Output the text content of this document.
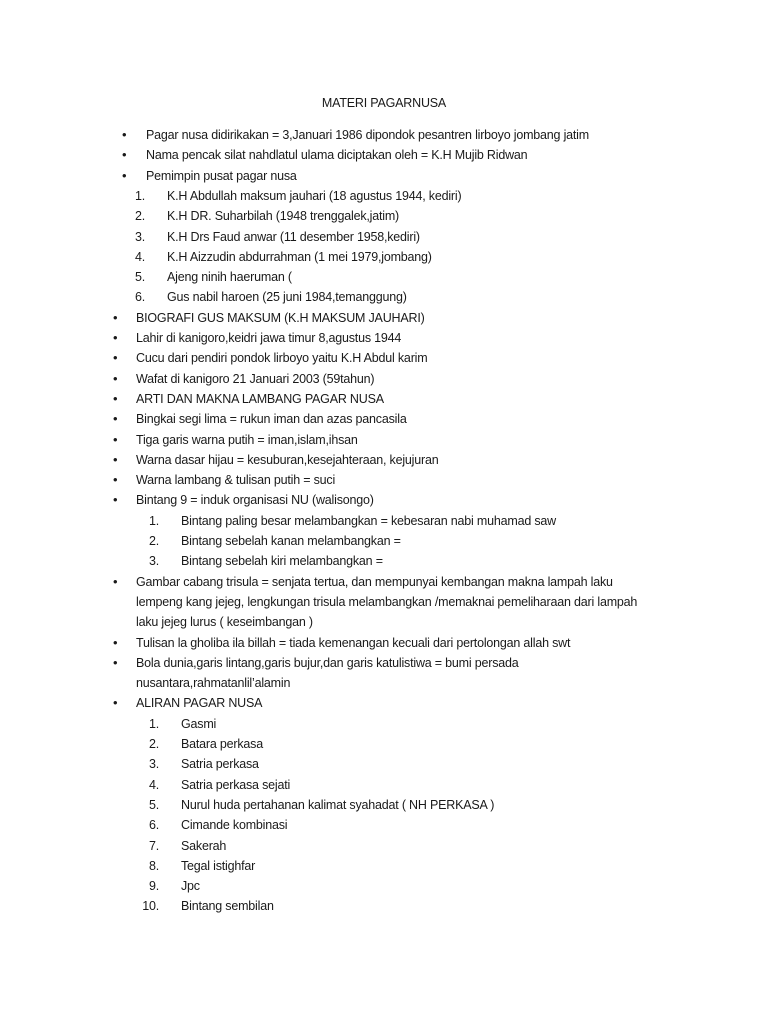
MATERI PAGARNUSA
• Pagar nusa didirikakan = 3,Januari 1986 dipondok pesantren lirboyo jombang jatim
• Nama pencak silat nahdlatul ulama diciptakan oleh = K.H Mujib Ridwan
• Pemimpin pusat pagar nusa
1. K.H Abdullah maksum jauhari (18 agustus 1944, kediri)
2. K.H DR. Suharbilah (1948 trenggalek,jatim)
3. K.H Drs Faud anwar (11 desember 1958,kediri)
4. K.H Aizzudin abdurrahman (1 mei 1979,jombang)
5. Ajeng ninih haeruman (
6. Gus nabil haroen (25 juni 1984,temanggung)
• BIOGRAFI GUS MAKSUM (K.H MAKSUM JAUHARI)
• Lahir di kanigoro,keidri jawa timur 8,agustus 1944
• Cucu dari pendiri pondok lirboyo yaitu K.H Abdul karim
• Wafat di kanigoro 21 Januari 2003 (59tahun)
• ARTI DAN MAKNA LAMBANG PAGAR NUSA
• Bingkai segi lima = rukun iman dan azas pancasila
• Tiga garis warna putih = iman,islam,ihsan
• Warna dasar hijau = kesuburan,kesejahteraan, kejujuran
• Warna lambang & tulisan putih = suci
• Bintang 9 = induk organisasi NU (walisongo)
1. Bintang paling besar melambangkan = kebesaran nabi muhamad saw
2. Bintang sebelah kanan melambangkan =
3. Bintang sebelah kiri melambangkan =
• Gambar cabang trisula = senjata tertua, dan mempunyai kembangan makna lampah laku
lempeng kang jejeg, lengkungan trisula melambangkan /memaknai pemeliharaan dari lampah
laku jejeg lurus ( keseimbangan )
• Tulisan la gholiba ila billah = tiada kemenangan kecuali dari pertolongan allah swt
• Bola dunia,garis lintang,garis bujur,dan garis katulistiwa = bumi persada
nusantara,rahmatanlil’alamin
• ALIRAN PAGAR NUSA
1. Gasmi
2. Batara perkasa
3. Satria perkasa
4. Satria perkasa sejati
5. Nurul huda pertahanan kalimat syahadat ( NH PERKASA )
6. Cimande kombinasi
7. Sakerah
8. Tegal istighfar
9. Jpc
10. Bintang sembilan
